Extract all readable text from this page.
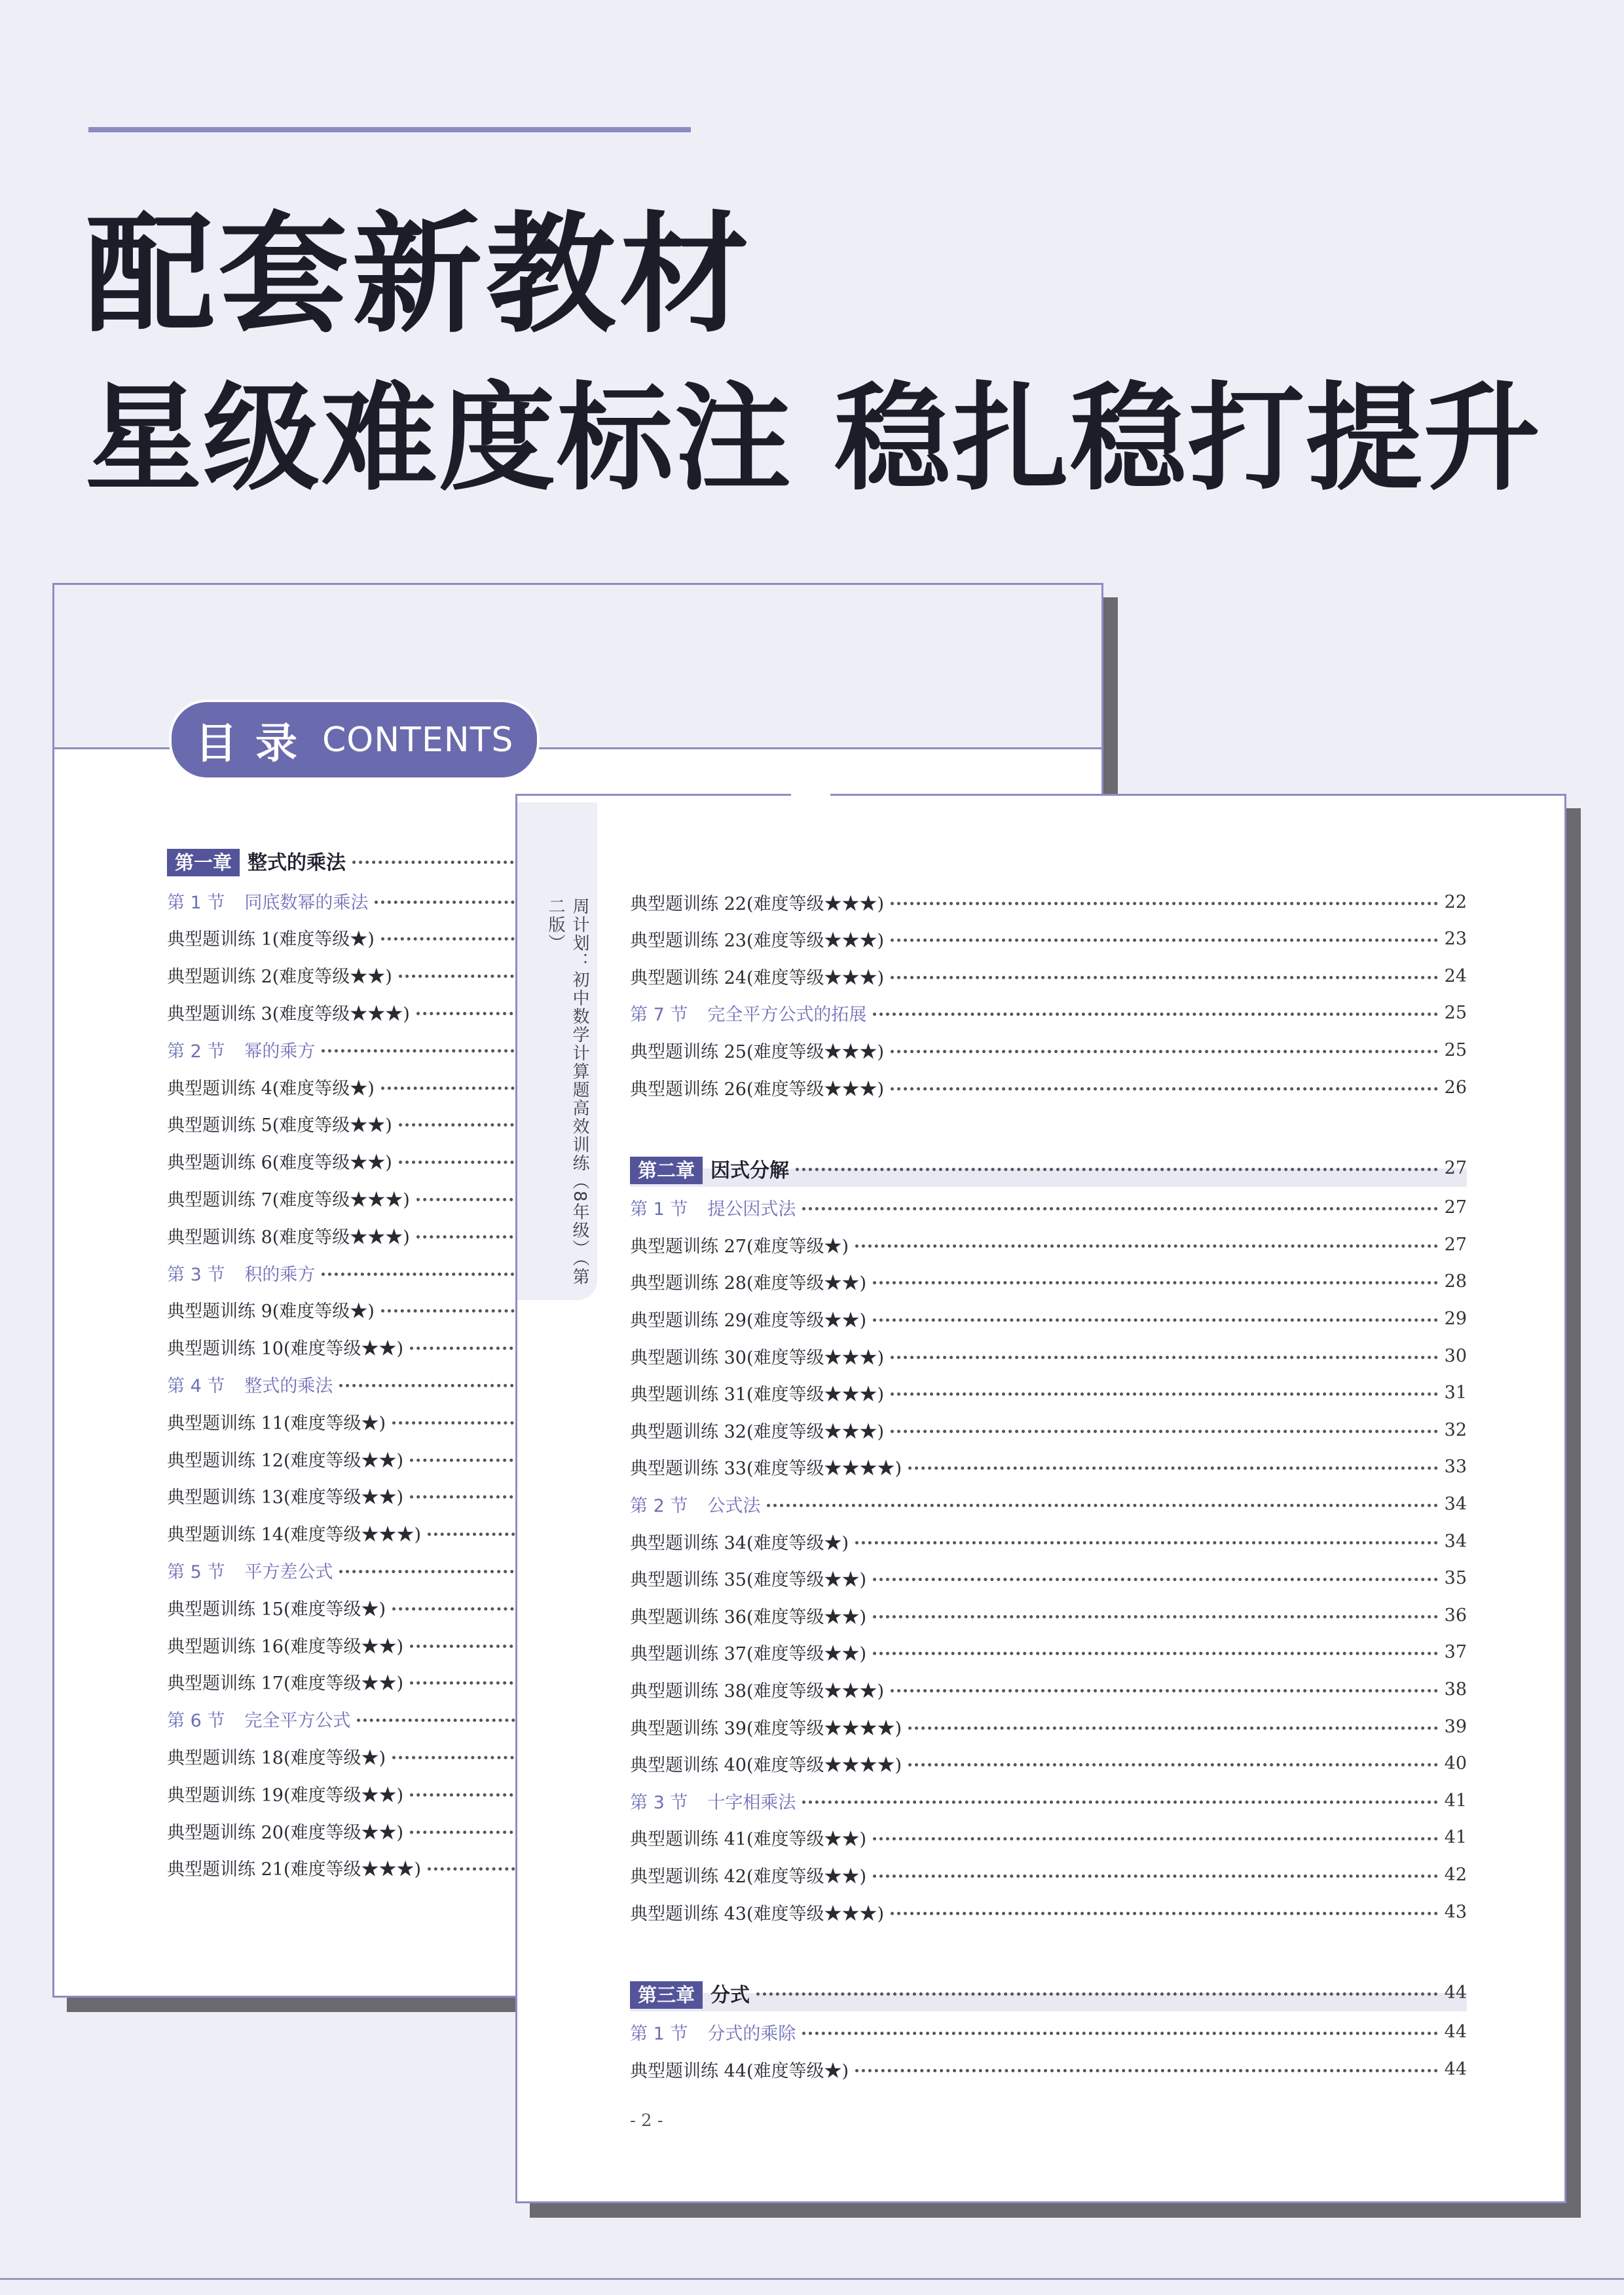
配套新教材
星级难度标注 稳扎稳打提升
目录 CONTENTS
第一章 整式的乘法
第 1 节 同底数幂的乘法
典型题训练 1(难度等级★)
典型题训练 2(难度等级★★)
典型题训练 3(难度等级★★★)
第 2 节 幂的乘方
典型题训练 4(难度等级★)
典型题训练 5(难度等级★★)
典型题训练 6(难度等级★★)
典型题训练 7(难度等级★★★)
典型题训练 8(难度等级★★★)
第 3 节 积的乘方
典型题训练 9(难度等级★)
典型题训练 10(难度等级★★)
第 4 节 整式的乘法
典型题训练 11(难度等级★)
典型题训练 12(难度等级★★)
典型题训练 13(难度等级★★)
典型题训练 14(难度等级★★★)
第 5 节 平方差公式
典型题训练 15(难度等级★)
典型题训练 16(难度等级★★)
典型题训练 17(难度等级★★)
第 6 节 完全平方公式
典型题训练 18(难度等级★)
典型题训练 19(难度等级★★)
典型题训练 20(难度等级★★)
典型题训练 21(难度等级★★★)
周计划：初中数学计算题高效训练（8年级）（第二版）	典型题训练 22(难度等级★★★)	22
典型题训练 23(难度等级★★★)	23
典型题训练 24(难度等级★★★)	24
第 7 节 完全平方公式的拓展	25
典型题训练 25(难度等级★★★)	25
典型题训练 26(难度等级★★★)	26
第二章 因式分解	27
第 1 节 提公因式法	27
典型题训练 27(难度等级★)	27
典型题训练 28(难度等级★★)	28
典型题训练 29(难度等级★★)	29
典型题训练 30(难度等级★★★)	30
典型题训练 31(难度等级★★★)	31
典型题训练 32(难度等级★★★)	32
典型题训练 33(难度等级★★★★)	33
第 2 节 公式法	34
典型题训练 34(难度等级★)	34
典型题训练 35(难度等级★★)	35
典型题训练 36(难度等级★★)	36
典型题训练 37(难度等级★★)	37
典型题训练 38(难度等级★★★)	38
典型题训练 39(难度等级★★★★)	39
典型题训练 40(难度等级★★★★)	40
第 3 节 十字相乘法	41
典型题训练 41(难度等级★★)	41
典型题训练 42(难度等级★★)	42
典型题训练 43(难度等级★★★)	43
第三章 分式	44
第 1 节 分式的乘除	44
典型题训练 44(难度等级★)	44
- 2 -
